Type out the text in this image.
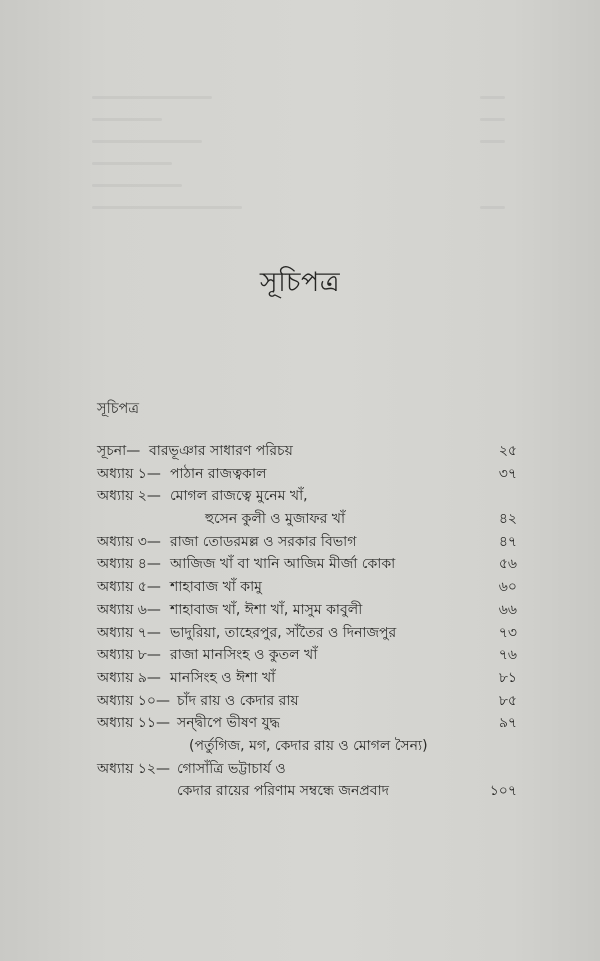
সূচিপত্র
সূচিপত্র
সূচনা— বারভূঞার সাধারণ পরিচয়	২৫
অধ্যায় ১— পাঠান রাজত্বকাল	৩৭
অধ্যায় ২— মোগল রাজত্বে মুনেম খাঁ,
হুসেন কুলী ও মুজাফর খাঁ	৪২
অধ্যায় ৩— রাজা তোডরমল্ল ও সরকার বিভাগ	৪৭
অধ্যায় ৪— আজিজ খাঁ বা খানি আজিম মীর্জা কোকা	৫৬
অধ্যায় ৫— শাহাবাজ খাঁ কামু	৬০
অধ্যায় ৬— শাহাবাজ খাঁ, ঈশা খাঁ, মাসুম কাবুলী	৬৬
অধ্যায় ৭— ভাদুরিয়া, তাহেরপুর, সাঁতৈর ও দিনাজপুর	৭৩
অধ্যায় ৮— রাজা মানসিংহ ও কুতল খাঁ	৭৬
অধ্যায় ৯— মানসিংহ ও ঈশা খাঁ	৮১
অধ্যায় ১০— চাঁদ রায় ও কেদার রায়	৮৫
অধ্যায় ১১— সন্দ্বীপে ভীষণ যুদ্ধ	৯৭
(পর্তুগিজ, মগ, কেদার রায় ও মোগল সৈন্য)
অধ্যায় ১২— গোসাঁত্রি ভট্টাচার্য ও
কেদার রায়ের পরিণাম সম্বন্ধে জনপ্রবাদ	১০৭
